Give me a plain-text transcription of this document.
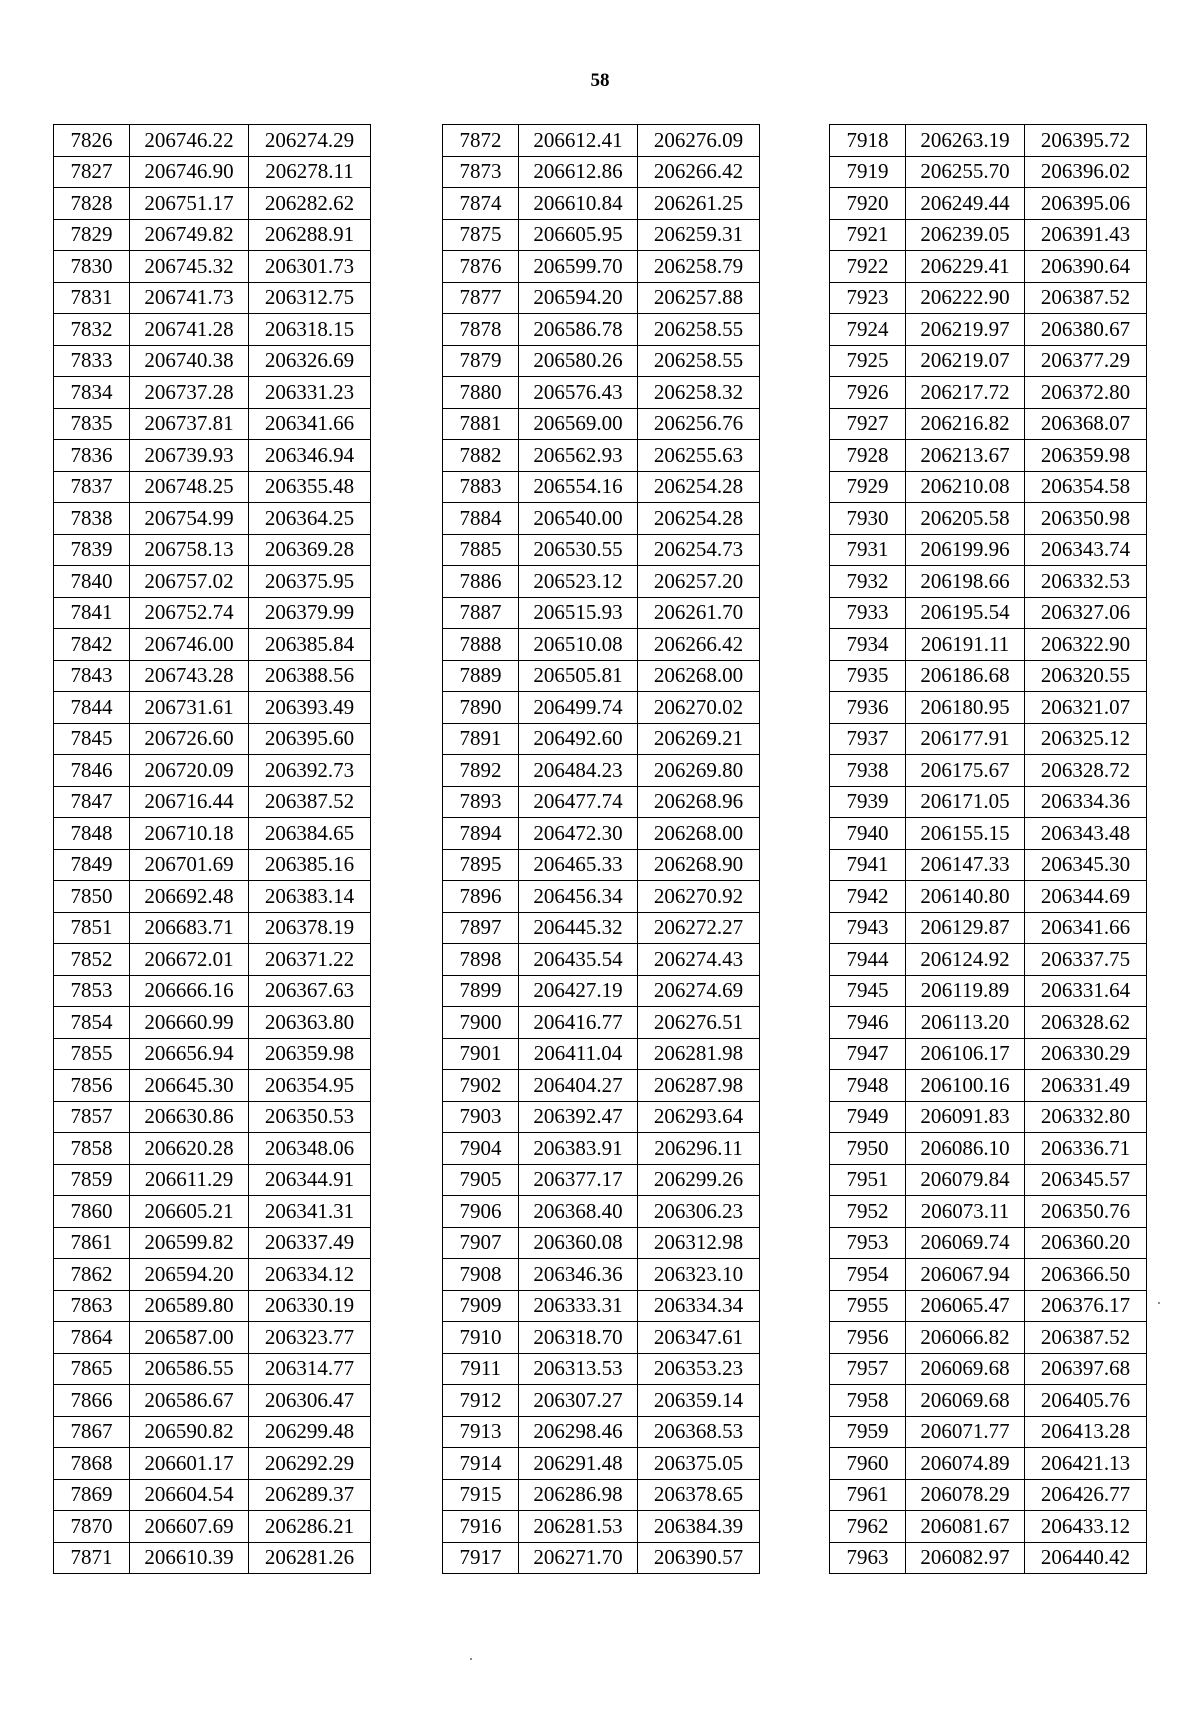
58
7826	206746.22	206274.29
7827	206746.90	206278.11
7828	206751.17	206282.62
7829	206749.82	206288.91
7830	206745.32	206301.73
7831	206741.73	206312.75
7832	206741.28	206318.15
7833	206740.38	206326.69
7834	206737.28	206331.23
7835	206737.81	206341.66
7836	206739.93	206346.94
7837	206748.25	206355.48
7838	206754.99	206364.25
7839	206758.13	206369.28
7840	206757.02	206375.95
7841	206752.74	206379.99
7842	206746.00	206385.84
7843	206743.28	206388.56
7844	206731.61	206393.49
7845	206726.60	206395.60
7846	206720.09	206392.73
7847	206716.44	206387.52
7848	206710.18	206384.65
7849	206701.69	206385.16
7850	206692.48	206383.14
7851	206683.71	206378.19
7852	206672.01	206371.22
7853	206666.16	206367.63
7854	206660.99	206363.80
7855	206656.94	206359.98
7856	206645.30	206354.95
7857	206630.86	206350.53
7858	206620.28	206348.06
7859	206611.29	206344.91
7860	206605.21	206341.31
7861	206599.82	206337.49
7862	206594.20	206334.12
7863	206589.80	206330.19
7864	206587.00	206323.77
7865	206586.55	206314.77
7866	206586.67	206306.47
7867	206590.82	206299.48
7868	206601.17	206292.29
7869	206604.54	206289.37
7870	206607.69	206286.21
7871	206610.39	206281.26
7872	206612.41	206276.09
7873	206612.86	206266.42
7874	206610.84	206261.25
7875	206605.95	206259.31
7876	206599.70	206258.79
7877	206594.20	206257.88
7878	206586.78	206258.55
7879	206580.26	206258.55
7880	206576.43	206258.32
7881	206569.00	206256.76
7882	206562.93	206255.63
7883	206554.16	206254.28
7884	206540.00	206254.28
7885	206530.55	206254.73
7886	206523.12	206257.20
7887	206515.93	206261.70
7888	206510.08	206266.42
7889	206505.81	206268.00
7890	206499.74	206270.02
7891	206492.60	206269.21
7892	206484.23	206269.80
7893	206477.74	206268.96
7894	206472.30	206268.00
7895	206465.33	206268.90
7896	206456.34	206270.92
7897	206445.32	206272.27
7898	206435.54	206274.43
7899	206427.19	206274.69
7900	206416.77	206276.51
7901	206411.04	206281.98
7902	206404.27	206287.98
7903	206392.47	206293.64
7904	206383.91	206296.11
7905	206377.17	206299.26
7906	206368.40	206306.23
7907	206360.08	206312.98
7908	206346.36	206323.10
7909	206333.31	206334.34
7910	206318.70	206347.61
7911	206313.53	206353.23
7912	206307.27	206359.14
7913	206298.46	206368.53
7914	206291.48	206375.05
7915	206286.98	206378.65
7916	206281.53	206384.39
7917	206271.70	206390.57
7918	206263.19	206395.72
7919	206255.70	206396.02
7920	206249.44	206395.06
7921	206239.05	206391.43
7922	206229.41	206390.64
7923	206222.90	206387.52
7924	206219.97	206380.67
7925	206219.07	206377.29
7926	206217.72	206372.80
7927	206216.82	206368.07
7928	206213.67	206359.98
7929	206210.08	206354.58
7930	206205.58	206350.98
7931	206199.96	206343.74
7932	206198.66	206332.53
7933	206195.54	206327.06
7934	206191.11	206322.90
7935	206186.68	206320.55
7936	206180.95	206321.07
7937	206177.91	206325.12
7938	206175.67	206328.72
7939	206171.05	206334.36
7940	206155.15	206343.48
7941	206147.33	206345.30
7942	206140.80	206344.69
7943	206129.87	206341.66
7944	206124.92	206337.75
7945	206119.89	206331.64
7946	206113.20	206328.62
7947	206106.17	206330.29
7948	206100.16	206331.49
7949	206091.83	206332.80
7950	206086.10	206336.71
7951	206079.84	206345.57
7952	206073.11	206350.76
7953	206069.74	206360.20
7954	206067.94	206366.50
7955	206065.47	206376.17
7956	206066.82	206387.52
7957	206069.68	206397.68
7958	206069.68	206405.76
7959	206071.77	206413.28
7960	206074.89	206421.13
7961	206078.29	206426.77
7962	206081.67	206433.12
7963	206082.97	206440.42
